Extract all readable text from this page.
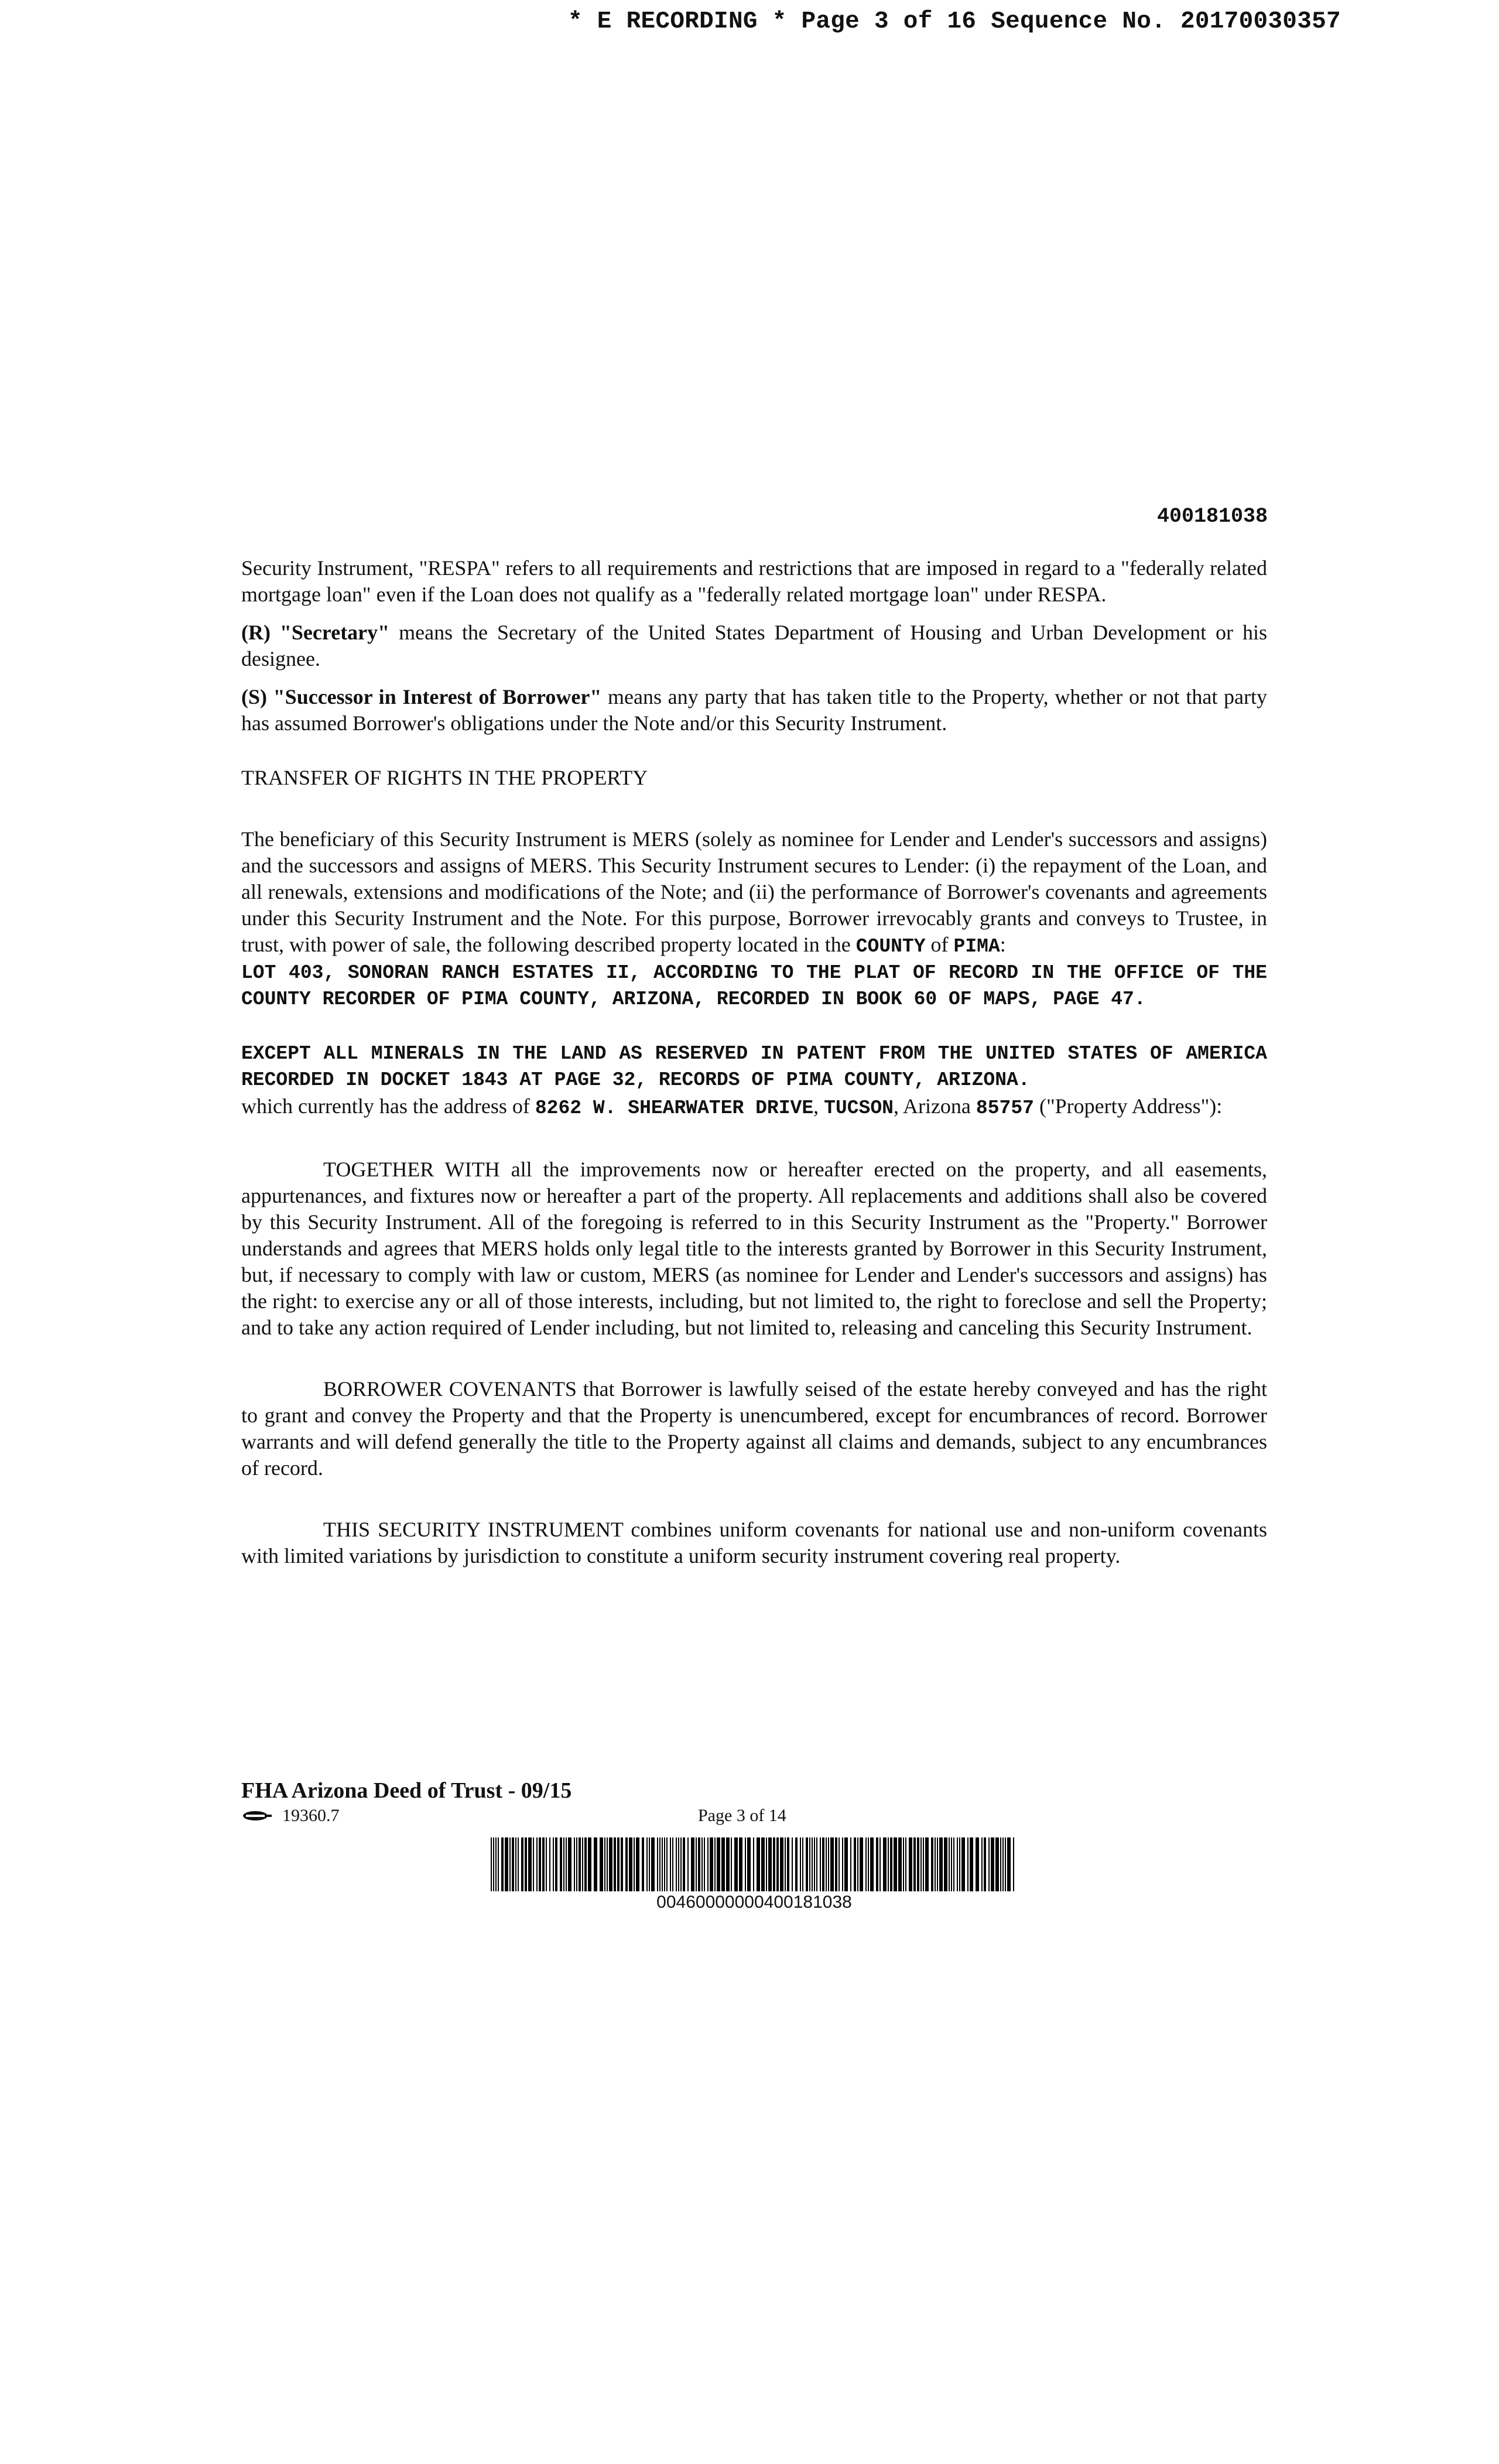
* E RECORDING * Page 3 of 16 Sequence No. 20170030357
400181038

Security Instrument, "RESPA" refers to all requirements and restrictions that are imposed in regard to a "federally related mortgage loan" even if the Loan does not qualify as a "federally related mortgage loan" under RESPA.

(R) "Secretary" means the Secretary of the United States Department of Housing and Urban Development or his designee.

(S) "Successor in Interest of Borrower" means any party that has taken title to the Property, whether or not that party has assumed Borrower's obligations under the Note and/or this Security Instrument.

TRANSFER OF RIGHTS IN THE PROPERTY

The beneficiary of this Security Instrument is MERS (solely as nominee for Lender and Lender's successors and assigns) and the successors and assigns of MERS. This Security Instrument secures to Lender: (i) the repayment of the Loan, and all renewals, extensions and modifications of the Note; and (ii) the performance of Borrower's covenants and agreements under this Security Instrument and the Note. For this purpose, Borrower irrevocably grants and conveys to Trustee, in trust, with power of sale, the following described property located in the COUNTY of PIMA:

LOT 403, SONORAN RANCH ESTATES II, ACCORDING TO THE PLAT OF RECORD IN THE OFFICE OF THE COUNTY RECORDER OF PIMA COUNTY, ARIZONA, RECORDED IN BOOK 60 OF MAPS, PAGE 47.

EXCEPT ALL MINERALS IN THE LAND AS RESERVED IN PATENT FROM THE UNITED STATES OF AMERICA RECORDED IN DOCKET 1843 AT PAGE 32, RECORDS OF PIMA COUNTY, ARIZONA.

which currently has the address of 8262 W. SHEARWATER DRIVE, TUCSON, Arizona 85757 ("Property Address"):

TOGETHER WITH all the improvements now or hereafter erected on the property, and all easements, appurtenances, and fixtures now or hereafter a part of the property. All replacements and additions shall also be covered by this Security Instrument. All of the foregoing is referred to in this Security Instrument as the "Property." Borrower understands and agrees that MERS holds only legal title to the interests granted by Borrower in this Security Instrument, but, if necessary to comply with law or custom, MERS (as nominee for Lender and Lender's successors and assigns) has the right: to exercise any or all of those interests, including, but not limited to, the right to foreclose and sell the Property; and to take any action required of Lender including, but not limited to, releasing and canceling this Security Instrument.

BORROWER COVENANTS that Borrower is lawfully seised of the estate hereby conveyed and has the right to grant and convey the Property and that the Property is unencumbered, except for encumbrances of record. Borrower warrants and will defend generally the title to the Property against all claims and demands, subject to any encumbrances of record.

THIS SECURITY INSTRUMENT combines uniform covenants for national use and non-uniform covenants with limited variations by jurisdiction to constitute a uniform security instrument covering real property.

FHA Arizona Deed of Trust - 09/15
19360.7	Page 3 of 14
00460000000400181038
